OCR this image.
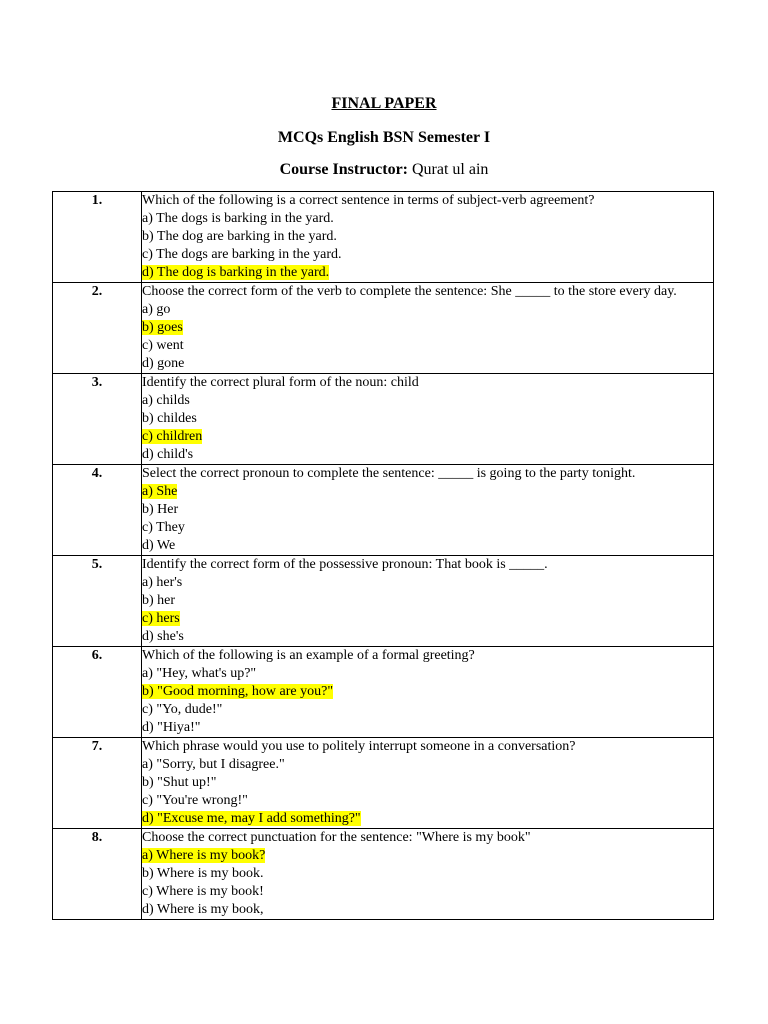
FINAL PAPER
MCQs English BSN Semester I
Course Instructor: Qurat ul ain
1.	Which of the following is a correct sentence in terms of subject-verb agreement?
a) The dogs is barking in the yard.
b) The dog are barking in the yard.
c) The dogs are barking in the yard.
d) The dog is barking in the yard.

2.	Choose the correct form of the verb to complete the sentence: She _____ to the store every day.
a) go
b) goes
c) went
d) gone

3.	Identify the correct plural form of the noun: child
a) childs
b) childes
c) children
d) child's

4.	Select the correct pronoun to complete the sentence: _____ is going to the party tonight.
a) She
b) Her
c) They
d) We

5.	Identify the correct form of the possessive pronoun: That book is _____.
a) her's
b) her
c) hers
d) she's

6.	Which of the following is an example of a formal greeting?
a) "Hey, what's up?"
b) "Good morning, how are you?"
c) "Yo, dude!"
d) "Hiya!"

7.	Which phrase would you use to politely interrupt someone in a conversation?
a) "Sorry, but I disagree."
b) "Shut up!"
c) "You're wrong!"
d) "Excuse me, may I add something?"

8.	Choose the correct punctuation for the sentence: "Where is my book"
a) Where is my book?
b) Where is my book.
c) Where is my book!
d) Where is my book,
